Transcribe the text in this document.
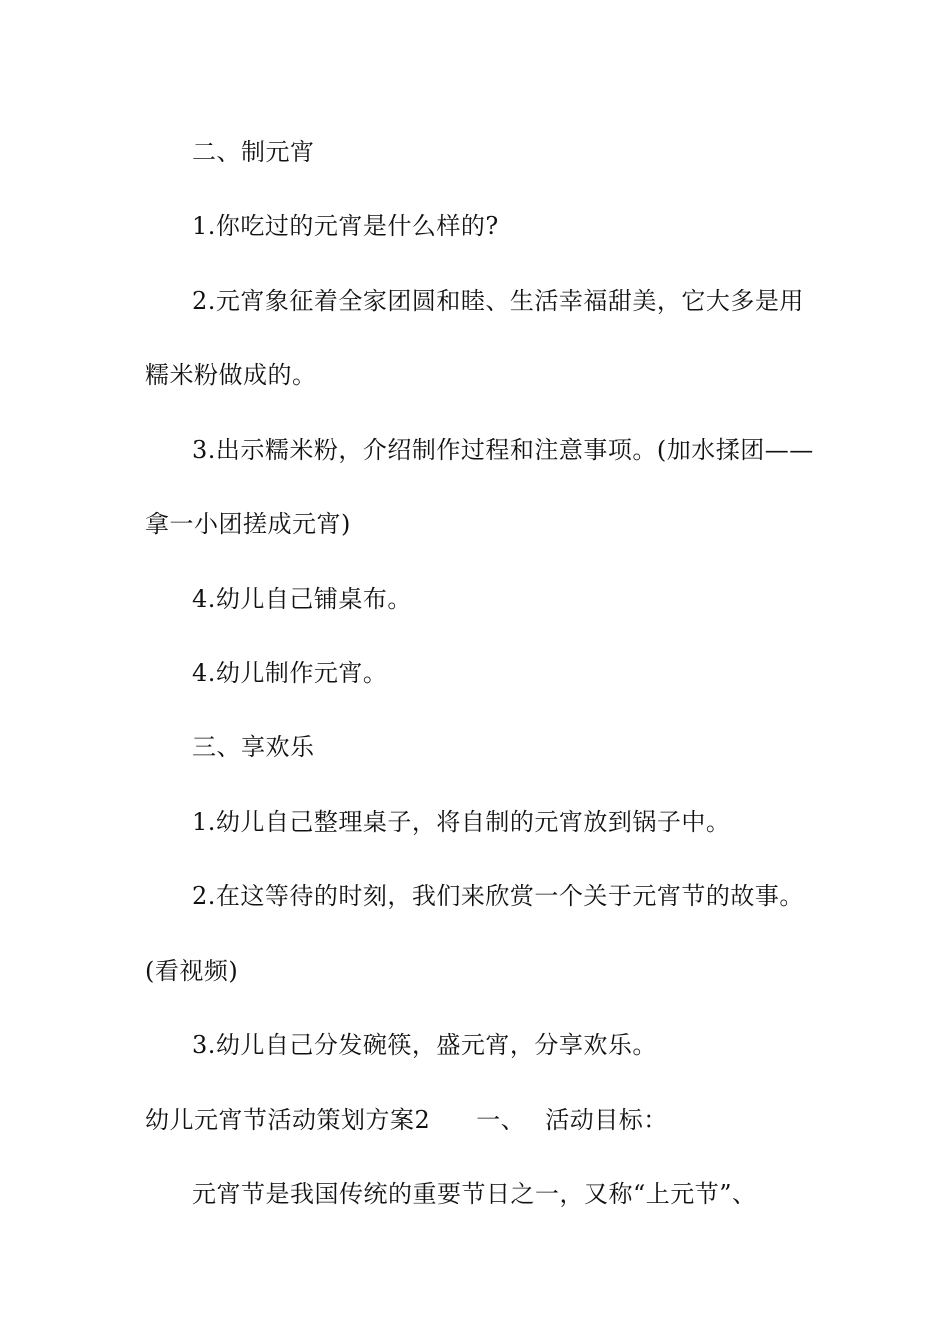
二、制元宵
1.你吃过的元宵是什么样的?
2.元宵象征着全家团圆和睦、生活幸福甜美，它大多是用
糯米粉做成的。
3.出示糯米粉，介绍制作过程和注意事项。(加水揉团——
拿一小团搓成元宵)
4.幼儿自己铺桌布。
4.幼儿制作元宵。
三、享欢乐
1.幼儿自己整理桌子，将自制的元宵放到锅子中。
2.在这等待的时刻，我们来欣赏一个关于元宵节的故事。
(看视频)
3.幼儿自己分发碗筷，盛元宵，分享欢乐。
幼儿元宵节活动策划方案2 一、 活动目标：
元宵节是我国传统的重要节日之一，又称“上元节”、
